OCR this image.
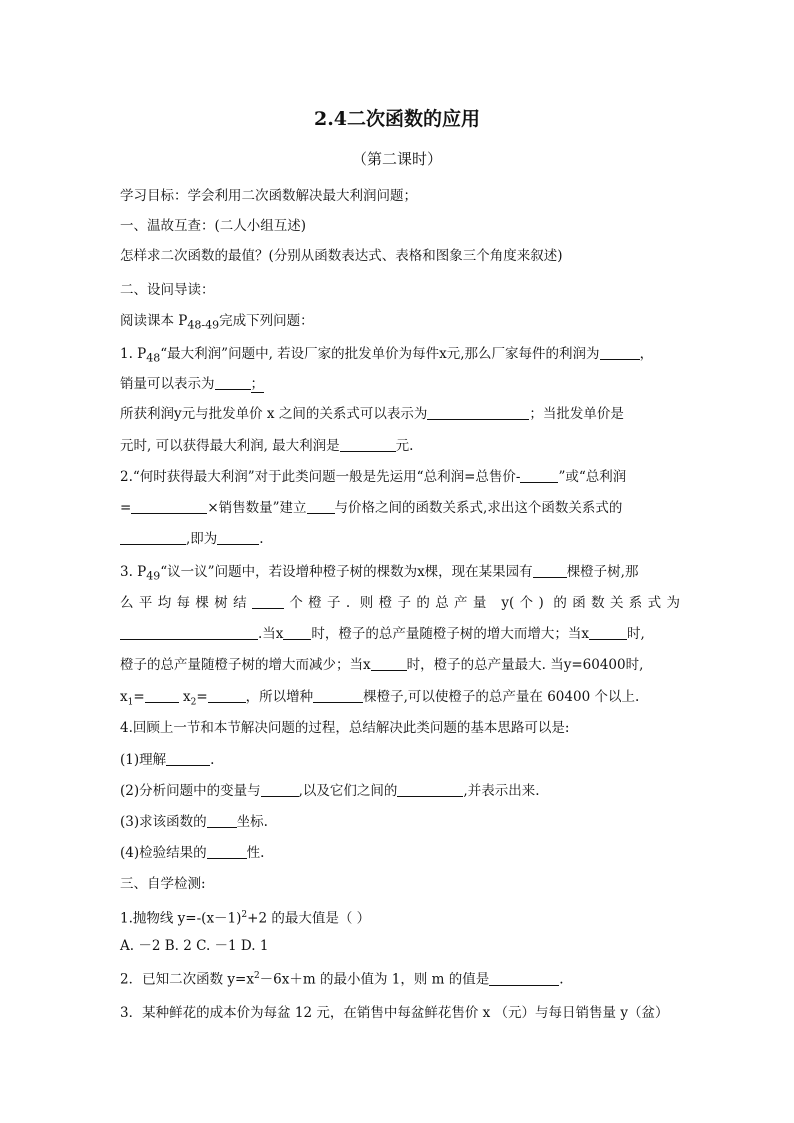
2.4二次函数的应用
（第二课时）
学习目标：学会利用二次函数解决最大利润问题；
一、温故互查：(二人小组互述)
怎样求二次函数的最值？(分别从函数表达式、表格和图象三个角度来叙述)
二、设问导读：
阅读课本 $P_{48-49}$完成下列问题：
1. $P_{48}“$最大利润”问题中, 若设厂家的批发单价为每件x元,那么厂家每件的利润为	，
销量可以表示为	；
所获利润y元与批发单价 x 之间的关系式可以表示为	；当批发单价是
元时, 可以获得最大利润, 最大利润是	元.
2.“何时获得最大利润”对于此类问题一般是先运用“总利润=总售价-	”或“总利润
=	×销售数量”建立 与价格之间的函数关系式,求出这个函数关系式的
,即为	.
3. $P_{49}“$议一议”问题中，若设增种橙子树的棵数为x棵，现在某果园有	棵橙子树,那
么平均每棵树结 个橙子. 则橙子的总产量 y(个) 的函数关系式为
.当x 时，橙子的总产量随橙子树的增大而增大；当x	时,
橙子的总产量随橙子树的增大而减少；当x	时，橙子的总产量最大. 当y=60400时,
$x_1=$	$x_2=$	，所以增种	棵橙子,可以使橙子的总产量在 60400 个以上.
4.回顾上一节和本节解决问题的过程，总结解决此类问题的基本思路可以是:
(1)理解	.
(2)分析问题中的变量与	,以及它们之间的	,并表示出来.
(3)求该函数的 坐标.
(4)检验结果的	性.
三、自学检测:
1.抛物线 $y=-(x-1)^2+2$ 的最大值是（ ）
A. －2 B. 2 C. －1 D. 1
2．已知二次函数 $y=x^2-6x+m$ 的最小值为 1，则 m 的值是	.
3．某种鲜花的成本价为每盆 12 元，在销售中每盆鲜花售价 x （元）与每日销售量 y（盆）
